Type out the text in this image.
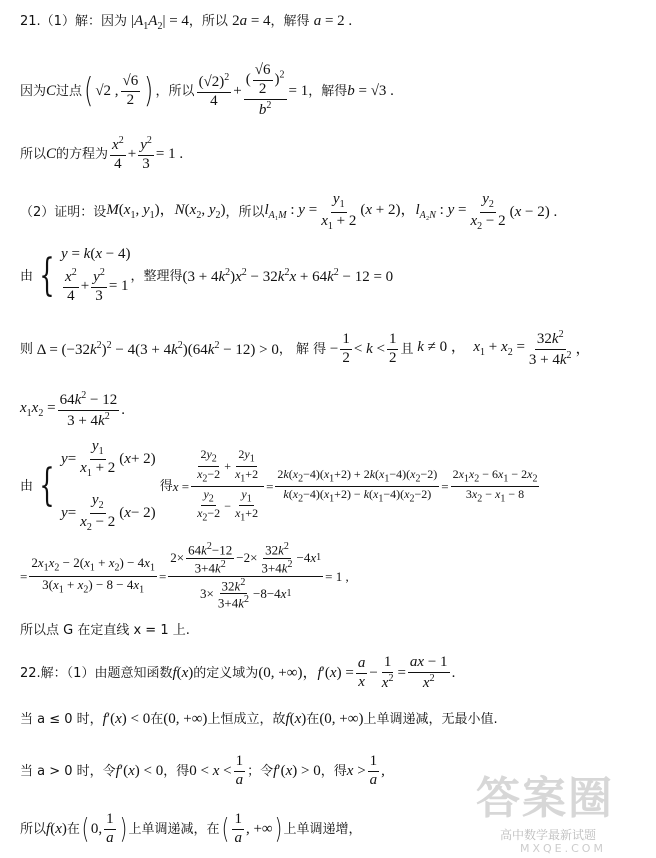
21.（1）解：因为 $|A_1A_2| = 4$，所以 2a = 4，解得 a = 2 .
因为 C 过点 ( √2 , $\frac{√6}{2}$ ) ，所以 $\frac{(√2)^2}{4} + \frac{( \frac{√6}{2} )^2}{b^2} = 1$ ，解得 b = √3 .
所以 C 的方程为 $\frac{x^2}{4} + \frac{y^2}{3} = 1$ .
（2）证明：设 $M(x_1$, $y_1$)，$N(x_2$, $y_2$) ，所以 $l_{A_1M}$ : $y = \frac{y_1}{x_1 + 2} (x + 2)$，$l_{A_2N}$ : $y = \frac{y_2}{x_2 - 2} (x - 2)$ .
由 { y = k(x − 4)
$\frac{x^2}{4} + \frac{y^2}{3} = 1$
，整理得 $(3 + 4k^2)x^2 - 32k^2x + 64k^2 - 12 = 0$
则 $\Delta = (-32k^2)^2 - 4(3 + 4k^2)(64k^2 - 12) > 0$ ， 解 得 − $\frac{1}{2} < k < \frac{1}{2}$ 且 k ≠ 0 ，  $x_1 + x_2 = \frac{32k^2}{3 + 4k^2}$ ，
$x_1x_2 = \frac{64k^2 - 12}{3 + 4k^2}$ .
由 {
$y = \frac{y_1}{x_1 + 2}$ ( x + 2)
$y = \frac{y_2}{x_2 - 2}$ ( x − 2)
得 $x = \frac{\frac{2y_2}{x_2-2} + \frac{2y_1}{x_1+2}}{\frac{y_2}{x_2-2} - \frac{y_1}{x_1+2}} = \frac{2k(x_2-4)(x_1+2) + 2k(x_1-4)(x_2-2)}{k(x_2-4)(x_1+2) - k(x_1-4)(x_2-2)} = \frac{2x_1x_2 - 6x_1 - 2x_2}{3x_2 - x_1 - 8}$
= $\frac{2x_1x_2 - 2(x_1 + x_2) - 4x_1}{3(x_1 + x_2) - 8 - 4x_1} = \frac{2\times \frac{64k^2-12}{3+4k^2} -2\times \frac{32k^2}{3+4k^2} -4 x 1}{3\times \frac{32k^2}{3+4k^2} -8-4 x 1} = 1$ ,
所以点 G 在定直线 x = 1 上.
22.解：（1）由题意知函数 f(x) 的定义域为 (0, +∞)，$f'(x) = \frac{a}{x} - \frac{1}{x^2} = \frac{ax - 1}{x^2}$ .
当 a ≤ 0 时，f′(x) < 0在(0, +∞)上恒成立，故f(x)在(0, +∞)上单调递减，无最小值.
当 a > 0 时，令 f′(x) < 0 ，得 $0 < x < \frac{1}{a}$ ；令 f′(x) > 0 ，得 $x > \frac{1}{a}$ ,
所以 f(x) 在 ( 0, $\frac{1}{a}$ ) 上单调递减，在 ( $\frac{1}{a}$ , +∞ ) 上单调递增，
答案圈
高中数学最新试题
MXQE.COM
